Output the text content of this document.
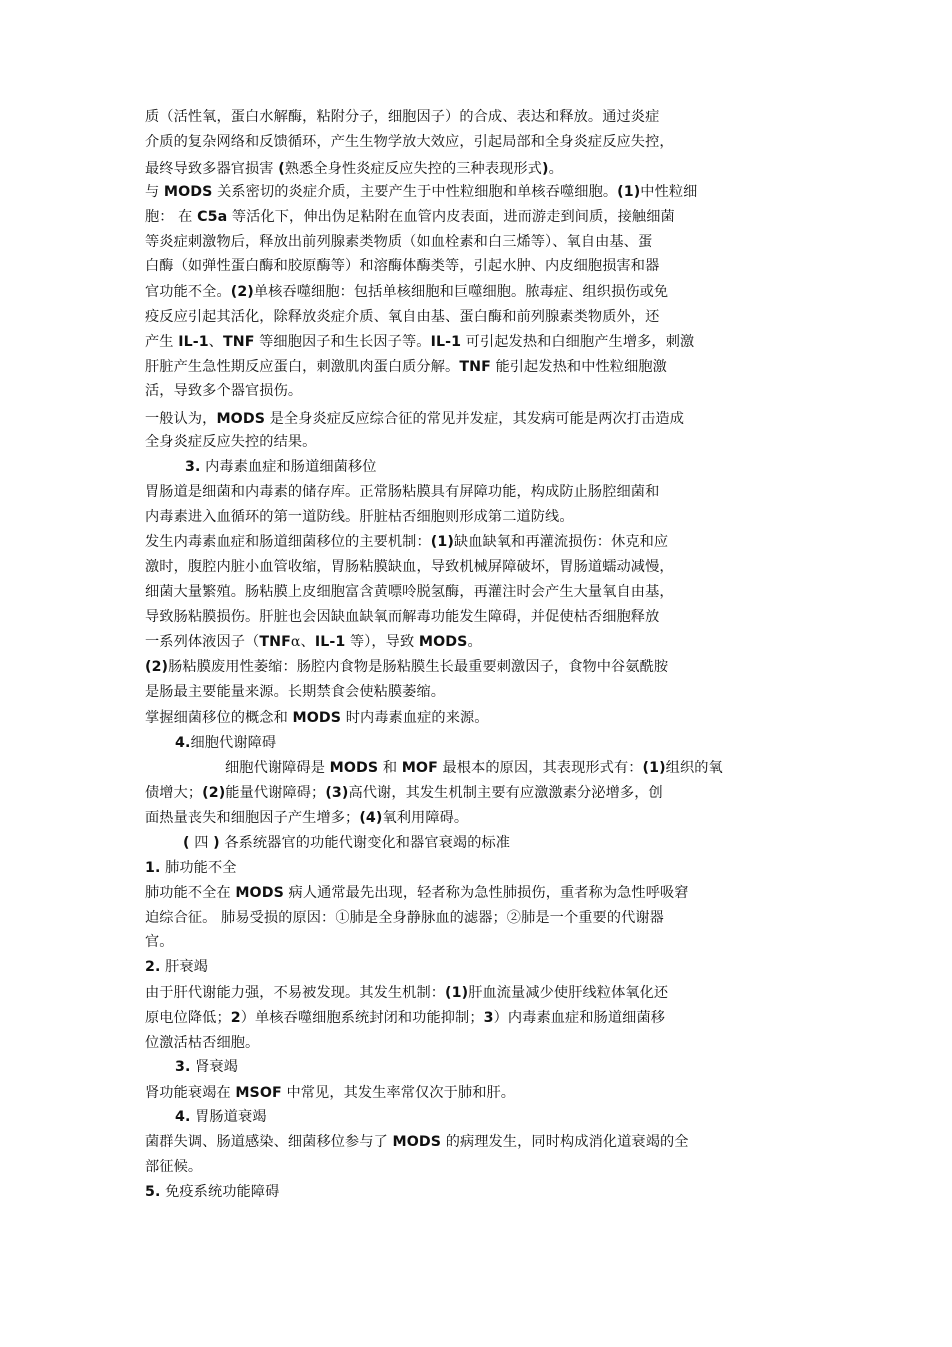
质（活性氧，蛋白水解酶，粘附分子，细胞因子）的合成、表达和释放。通过炎症
介质的复杂网络和反馈循环，产生生物学放大效应，引起局部和全身炎症反应失控，
最终导致多器官损害 (熟悉全身性炎症反应失控的三种表现形式)。
与 MODS 关系密切的炎症介质，主要产生于中性粒细胞和单核吞噬细胞。(1)中性粒细
胞： 在 C5a 等活化下，伸出伪足粘附在血管内皮表面，进而游走到间质，接触细菌
等炎症刺激物后，释放出前列腺素类物质（如血栓素和白三烯等）、氧自由基、蛋
白酶（如弹性蛋白酶和胶原酶等）和溶酶体酶类等，引起水肿、内皮细胞损害和器
官功能不全。(2)单核吞噬细胞：包括单核细胞和巨噬细胞。脓毒症、组织损伤或免
疫反应引起其活化，除释放炎症介质、氧自由基、蛋白酶和前列腺素类物质外，还
产生 IL-1、TNF 等细胞因子和生长因子等。IL-1 可引起发热和白细胞产生增多，刺激
肝脏产生急性期反应蛋白，刺激肌肉蛋白质分解。TNF 能引起发热和中性粒细胞激
活，导致多个器官损伤。
一般认为，MODS 是全身炎症反应综合征的常见并发症，其发病可能是两次打击造成
全身炎症反应失控的结果。
3. 内毒素血症和肠道细菌移位
胃肠道是细菌和内毒素的储存库。正常肠粘膜具有屏障功能，构成防止肠腔细菌和
内毒素进入血循环的第一道防线。肝脏枯否细胞则形成第二道防线。
发生内毒素血症和肠道细菌移位的主要机制：(1)缺血缺氧和再灌流损伤：休克和应
激时，腹腔内脏小血管收缩，胃肠粘膜缺血，导致机械屏障破坏，胃肠道蠕动减慢，
细菌大量繁殖。肠粘膜上皮细胞富含黄嘌呤脱氢酶，再灌注时会产生大量氧自由基，
导致肠粘膜损伤。肝脏也会因缺血缺氧而解毒功能发生障碍，并促使枯否细胞释放
一系列体液因子（TNFα、IL-1 等），导致 MODS。
(2)肠粘膜废用性萎缩：肠腔内食物是肠粘膜生长最重要刺激因子，食物中谷氨酰胺
是肠最主要能量来源。长期禁食会使粘膜萎缩。
掌握细菌移位的概念和 MODS 时内毒素血症的来源。
4.细胞代谢障碍
细胞代谢障碍是 MODS 和 MOF 最根本的原因，其表现形式有：(1)组织的氧
债增大；(2)能量代谢障碍；(3)高代谢，其发生机制主要有应激激素分泌增多，创
面热量丧失和细胞因子产生增多；(4)氧利用障碍。
( 四 ) 各系统器官的功能代谢变化和器官衰竭的标准
1. 肺功能不全
肺功能不全在 MODS 病人通常最先出现，轻者称为急性肺损伤，重者称为急性呼吸窘
迫综合征。 肺易受损的原因：①肺是全身静脉血的滤器；②肺是一个重要的代谢器
官。
2. 肝衰竭
由于肝代谢能力强，不易被发现。其发生机制：(1)肝血流量减少使肝线粒体氧化还
原电位降低；2）单核吞噬细胞系统封闭和功能抑制；3）内毒素血症和肠道细菌移
位激活枯否细胞。
3. 肾衰竭
肾功能衰竭在 MSOF 中常见，其发生率常仅次于肺和肝。
4. 胃肠道衰竭
菌群失调、肠道感染、细菌移位参与了 MODS 的病理发生，同时构成消化道衰竭的全
部征候。
5. 免疫系统功能障碍
